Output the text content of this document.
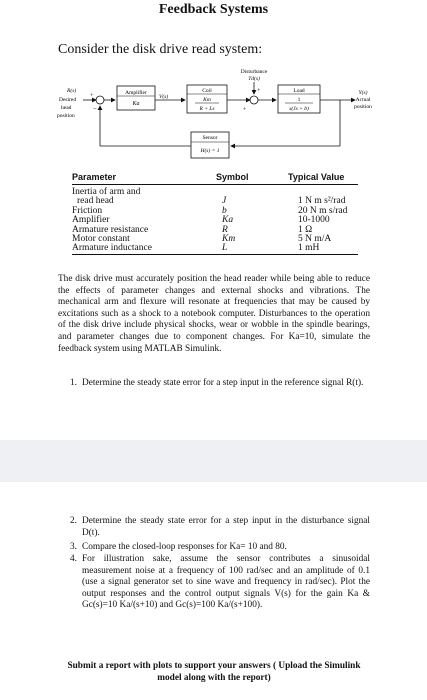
Feedback Systems
Consider the disk drive read system:
R(s)
Desired
head
position
+
−
Amplifier
Ka
V(s)
Coil
Km
R + Ls
Disturbance
Td(s)
+
+
Load
1
s(Js + b)
Y(s)
Actual
position
Sensor
H(s) = 1
Parameter	Symbol	Typical Value
Inertia of arm and
read head	J	1 N m s²/rad
Friction	b	20 N m s/rad
Amplifier	Ka	10-1000
Armature resistance	R	1 Ω
Motor constant	Km	5 N m/A
Armature inductance	L	1 mH
The disk drive must accurately position the head reader while being able to reduce the effects of parameter changes and external shocks and vibrations. The mechanical arm and flexure will resonate at frequencies that may be caused by excitations such as a shock to a notebook computer. Disturbances to the operation of the disk drive include physical shocks, wear or wobble in the spindle bearings, and parameter changes due to component changes. For Ka=10, simulate the feedback system using MATLAB Simulink.
1. Determine the steady state error for a step input in the reference signal R(t).
2. Determine the steady state error for a step input in the disturbance signal D(t).
3. Compare the closed-loop responses for Ka= 10 and 80.
4. For illustration sake, assume the sensor contributes a sinusoidal measurement noise at a frequency of 100 rad/sec and an amplitude of 0.1 (use a signal generator set to sine wave and frequency in rad/sec). Plot the output responses and the control output signals V(s) for the gain Ka & Gc(s)=10 Ka/(s+10) and Gc(s)=100 Ka/(s+100).
Submit a report with plots to support your answers ( Upload the Simulink model along with the report)
